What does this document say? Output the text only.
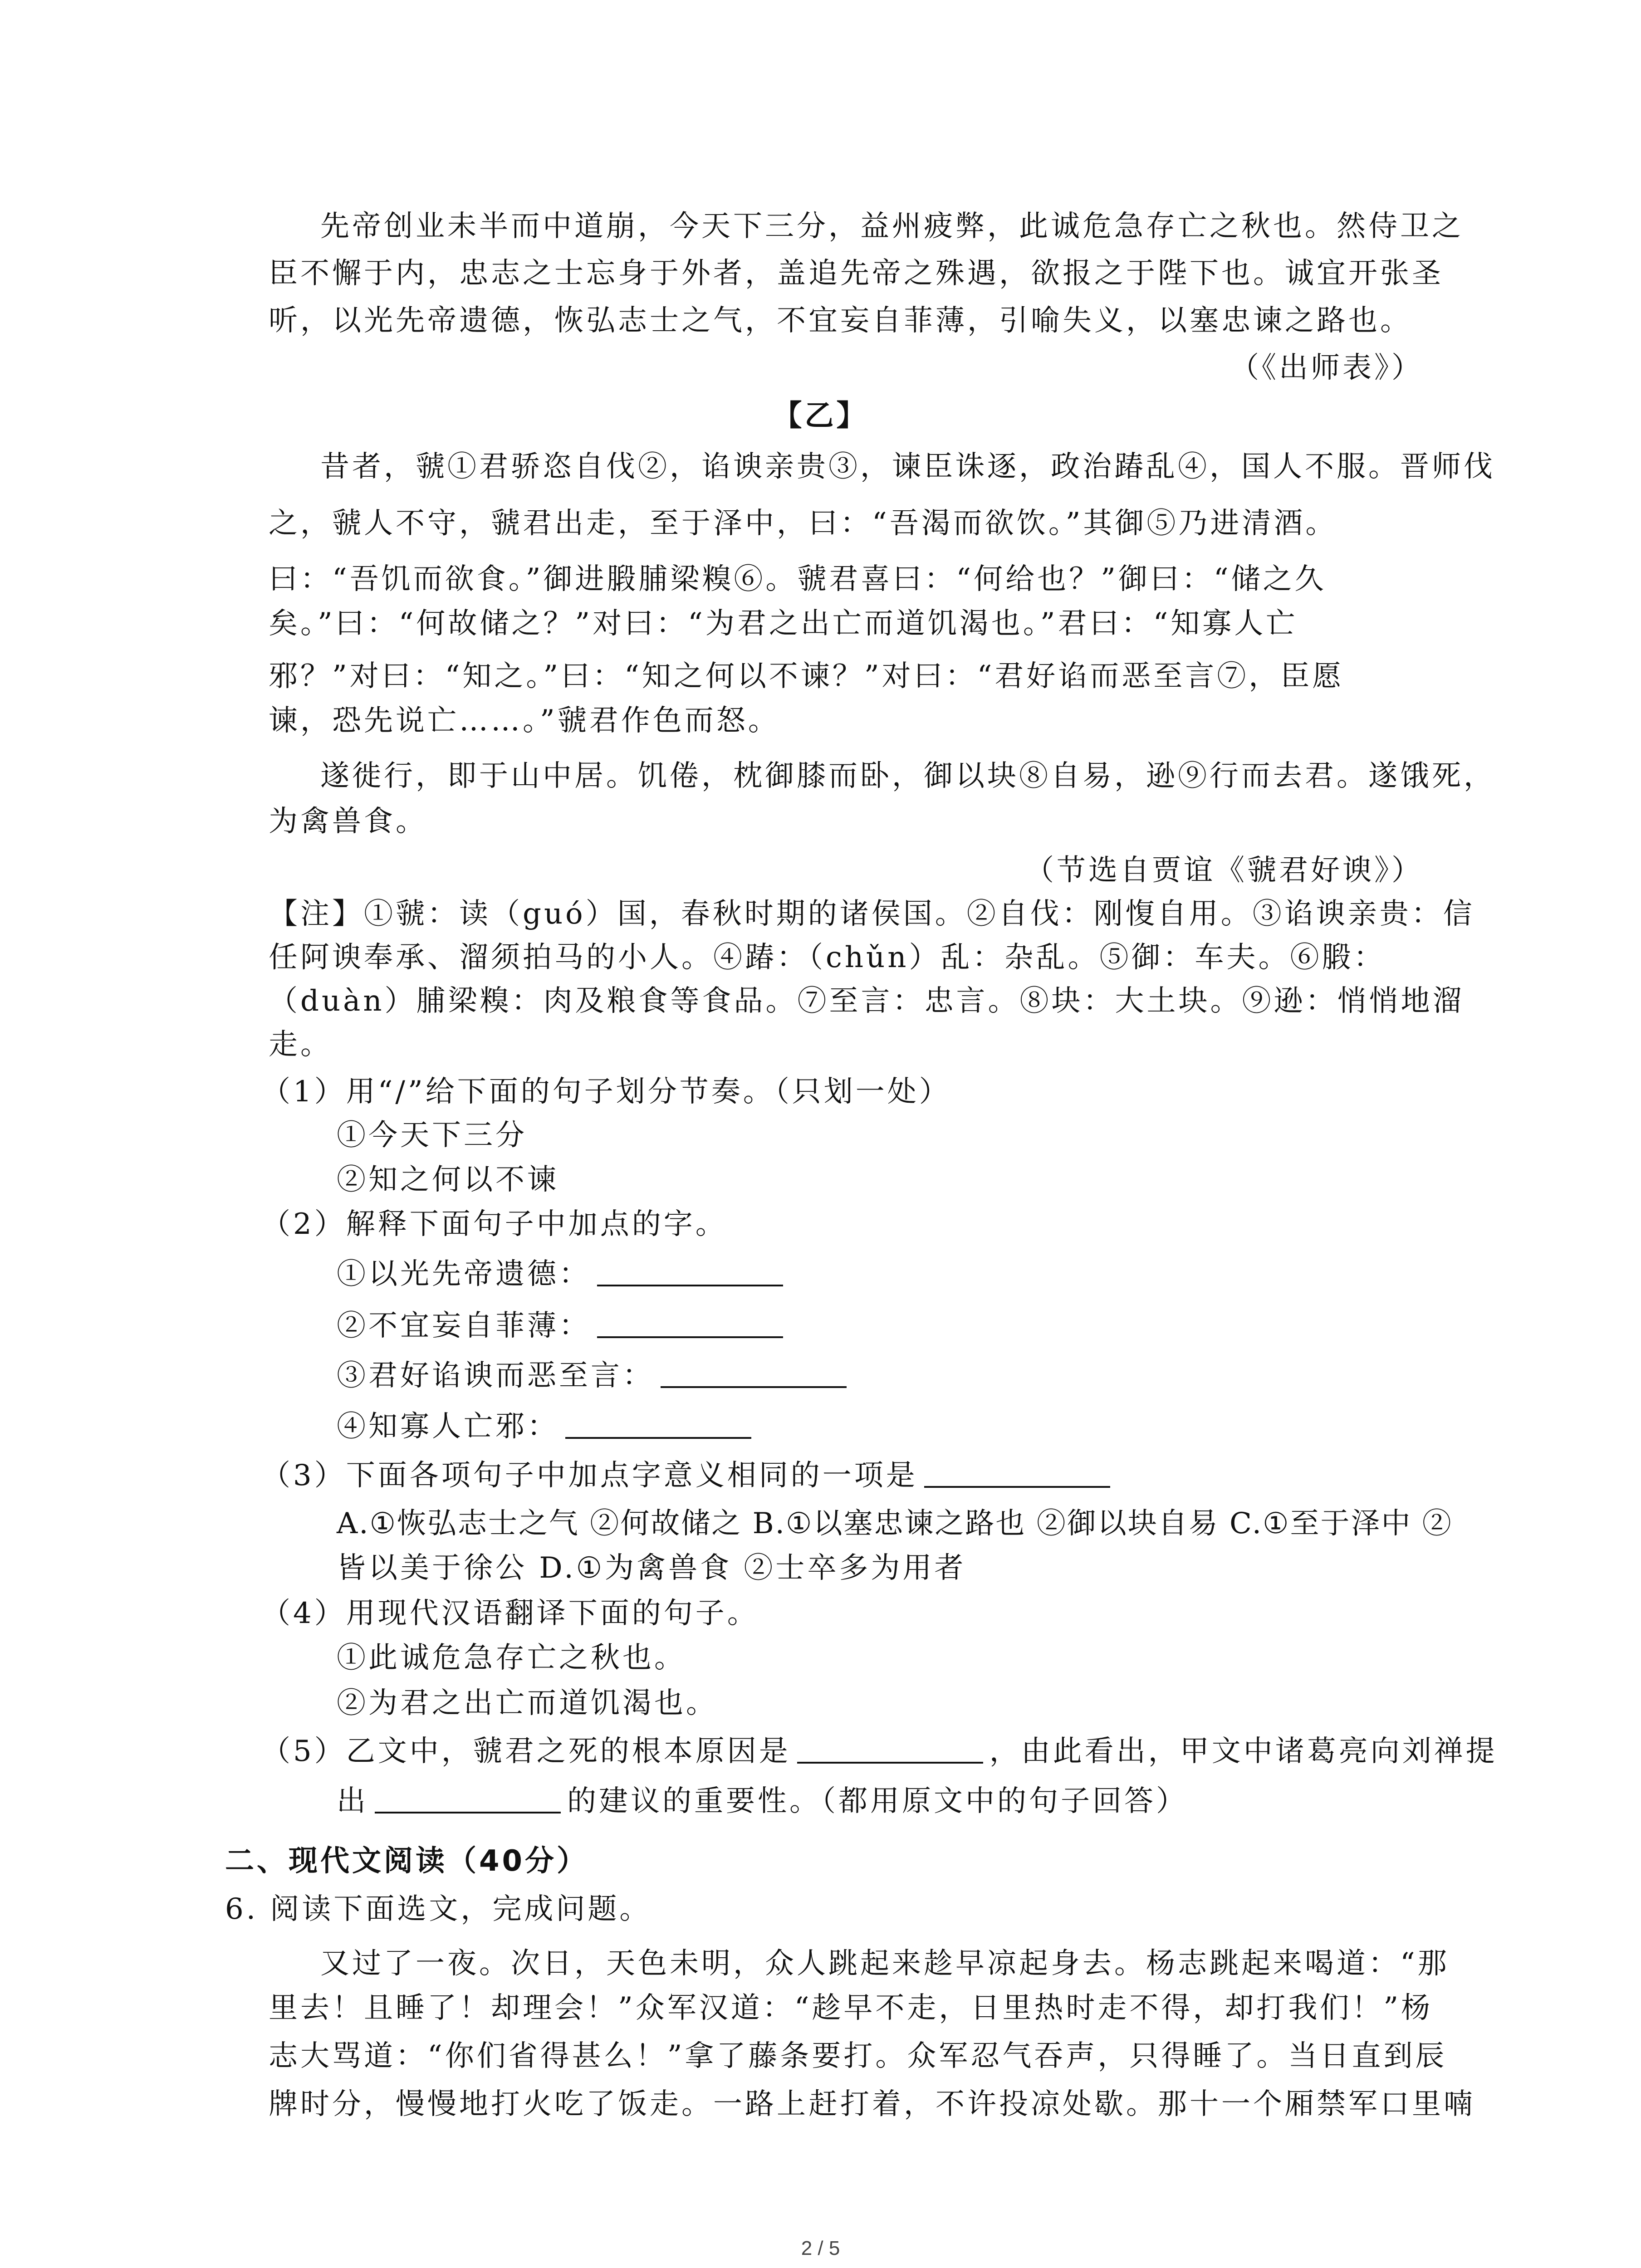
先帝创业未半而中道崩，今天下三分，益州疲弊，此诚危急存亡之秋也。然侍卫之
臣不懈于内，忠志之士忘身于外者，盖追先帝之殊遇，欲报之于陛下也。诚宜开张圣
听，以光先帝遗德，恢弘志士之气，不宜妄自菲薄，引喻失义，以塞忠谏之路也。
（《出师表》）
【乙】
昔者，虢①君骄恣自伐②，谄谀亲贵③，谏臣诛逐，政治踳乱④，国人不服。晋师伐
之，虢人不守，虢君出走，至于泽中，曰：“吾渴而欲饮。”其御⑤乃进清酒。
曰：“吾饥而欲食。”御进腶脯梁糗⑥。虢君喜曰：“何给也？”御曰：“储之久
矣。”曰：“何故储之？”对曰：“为君之出亡而道饥渴也。”君曰：“知寡人亡
邪？”对曰：“知之。”曰：“知之何以不谏？”对曰：“君好谄而恶至言⑦，臣愿
谏，恐先说亡……。”虢君作色而怒。
遂徙行，即于山中居。饥倦，枕御膝而卧，御以块⑧自易，逊⑨行而去君。遂饿死，
为禽兽食。
（节选自贾谊《虢君好谀》）
【注】①虢：读（guó）国，春秋时期的诸侯国。②自伐：刚愎自用。③谄谀亲贵：信
任阿谀奉承、溜须拍马的小人。④踳：（chǔn）乱：杂乱。⑤御：车夫。⑥腶：
（duàn）脯梁糗：肉及粮食等食品。⑦至言：忠言。⑧块：大土块。⑨逊：悄悄地溜
走。
（1）用“/”给下面的句子划分节奏。（只划一处）
①今天下三分
②知之何以不谏
（2）解释下面句子中加点的字。
①以光先帝遗德：
②不宜妄自菲薄：
③君好谄谀而恶至言：
④知寡人亡邪：
（3）下面各项句子中加点字意义相同的一项是
A.①恢弘志士之气 ②何故储之 B.①以塞忠谏之路也 ②御以块自易 C.①至于泽中 ②
皆以美于徐公 D.①为禽兽食 ②士卒多为用者
（4）用现代汉语翻译下面的句子。
①此诚危急存亡之秋也。
②为君之出亡而道饥渴也。
（5）乙文中，虢君之死的根本原因是	，由此看出，甲文中诸葛亮向刘禅提
出	的建议的重要性。（都用原文中的句子回答）
二、现代文阅读（40分）
6. 阅读下面选文，完成问题。
又过了一夜。次日，天色未明，众人跳起来趁早凉起身去。杨志跳起来喝道：“那
里去！且睡了！却理会！”众军汉道：“趁早不走，日里热时走不得，却打我们！”杨
志大骂道：“你们省得甚么！”拿了藤条要打。众军忍气吞声，只得睡了。当日直到辰
牌时分，慢慢地打火吃了饭走。一路上赶打着，不许投凉处歇。那十一个厢禁军口里喃
2 / 5
